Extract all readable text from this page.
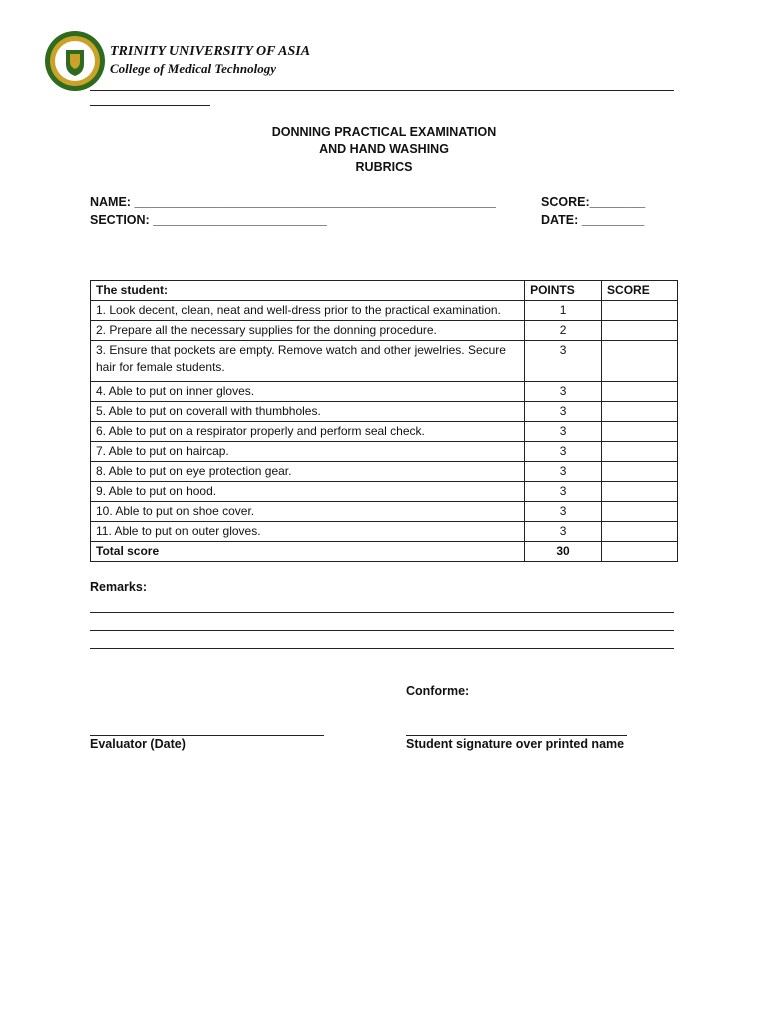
TRINITY UNIVERSITY OF ASIA
College of Medical Technology
DONNING PRACTICAL EXAMINATION
AND HAND WASHING
RUBRICS
NAME: ____________________________________________________
SECTION: _________________________
SCORE:________
DATE: _________
The student:	POINTS	SCORE
1. Look decent, clean, neat and well-dress prior to the practical examination.	1	
2. Prepare all the necessary supplies for the donning procedure.	2	
3. Ensure that pockets are empty. Remove watch and other jewelries. Secure hair for female students.	3	
4. Able to put on inner gloves.	3	
5. Able to put on coverall with thumbholes.	3	
6. Able to put on a respirator properly and perform seal check.	3	
7. Able to put on haircap.	3	
8. Able to put on eye protection gear.	3	
9. Able to put on hood.	3	
10. Able to put on shoe cover.	3	
11. Able to put on outer gloves.	3	
Total score	30	
Remarks:
Conforme:
Evaluator (Date)	Student signature over printed name
